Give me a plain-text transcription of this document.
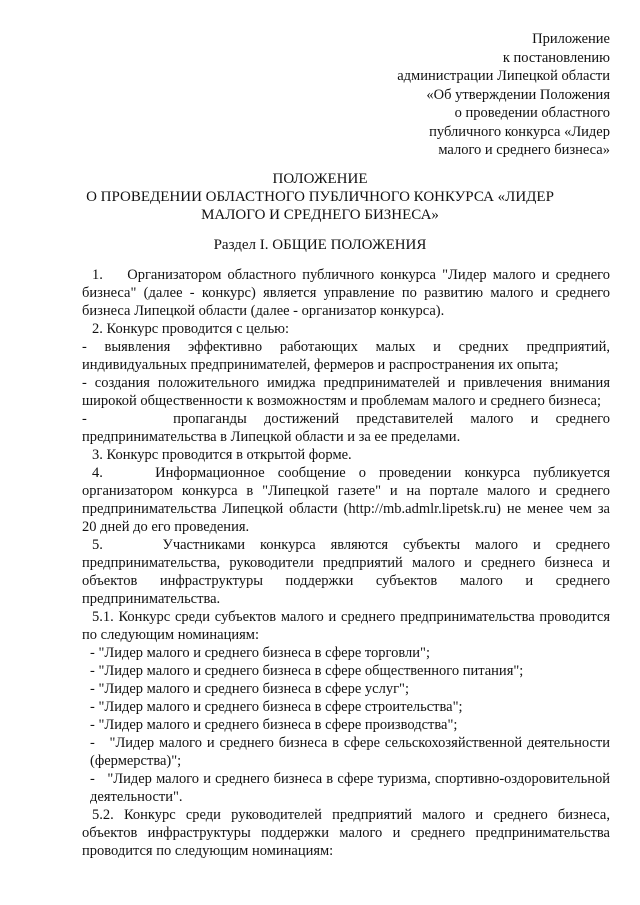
Приложение
к постановлению
администрации Липецкой области
«Об утверждении Положения
о проведении областного
публичного конкурса «Лидер
малого и среднего бизнеса»
ПОЛОЖЕНИЕ
О ПРОВЕДЕНИИ ОБЛАСТНОГО ПУБЛИЧНОГО КОНКУРСА «ЛИДЕР
МАЛОГО И СРЕДНЕГО БИЗНЕСА»
Раздел I. ОБЩИЕ ПОЛОЖЕНИЯ

1.    Организатором областного публичного конкурса "Лидер малого и среднего бизнеса" (далее - конкурс) является управление по развитию малого и среднего бизнеса Липецкой области (далее - организатор конкурса).

2. Конкурс проводится с целью:

- выявления эффективно работающих малых и средних предприятий, индивидуальных предпринимателей, фермеров и распространения их опыта;

- создания положительного имиджа предпринимателей и привлечения внимания широкой общественности к возможностям и проблемам малого и среднего бизнеса;

-     пропаганды достижений представителей малого и среднего предпринимательства в Липецкой области и за ее пределами.

3. Конкурс проводится в открытой форме.

4.    Информационное сообщение о проведении конкурса публикуется организатором конкурса в "Липецкой газете" и на портале малого и среднего предпринимательства Липецкой области (http://mb.admlr.lipetsk.ru) не менее чем за 20 дней до его проведения.

5.    Участниками конкурса являются субъекты малого и среднего предпринимательства, руководители предприятий малого и среднего бизнеса и объектов инфраструктуры поддержки субъектов малого и среднего предпринимательства.

5.1. Конкурс среди субъектов малого и среднего предпринимательства проводится по следующим номинациям:

- "Лидер малого и среднего бизнеса в сфере торговли";

- "Лидер малого и среднего бизнеса в сфере общественного питания";

- "Лидер малого и среднего бизнеса в сфере услуг";

- "Лидер малого и среднего бизнеса в сфере строительства";

- "Лидер малого и среднего бизнеса в сфере производства";

-   "Лидер малого и среднего бизнеса в сфере сельскохозяйственной деятельности (фермерства)";

-   "Лидер малого и среднего бизнеса в сфере туризма, спортивно-оздоровительной деятельности".

5.2. Конкурс среди руководителей предприятий малого и среднего бизнеса, объектов инфраструктуры поддержки малого и среднего предпринимательства проводится по следующим номинациям:
